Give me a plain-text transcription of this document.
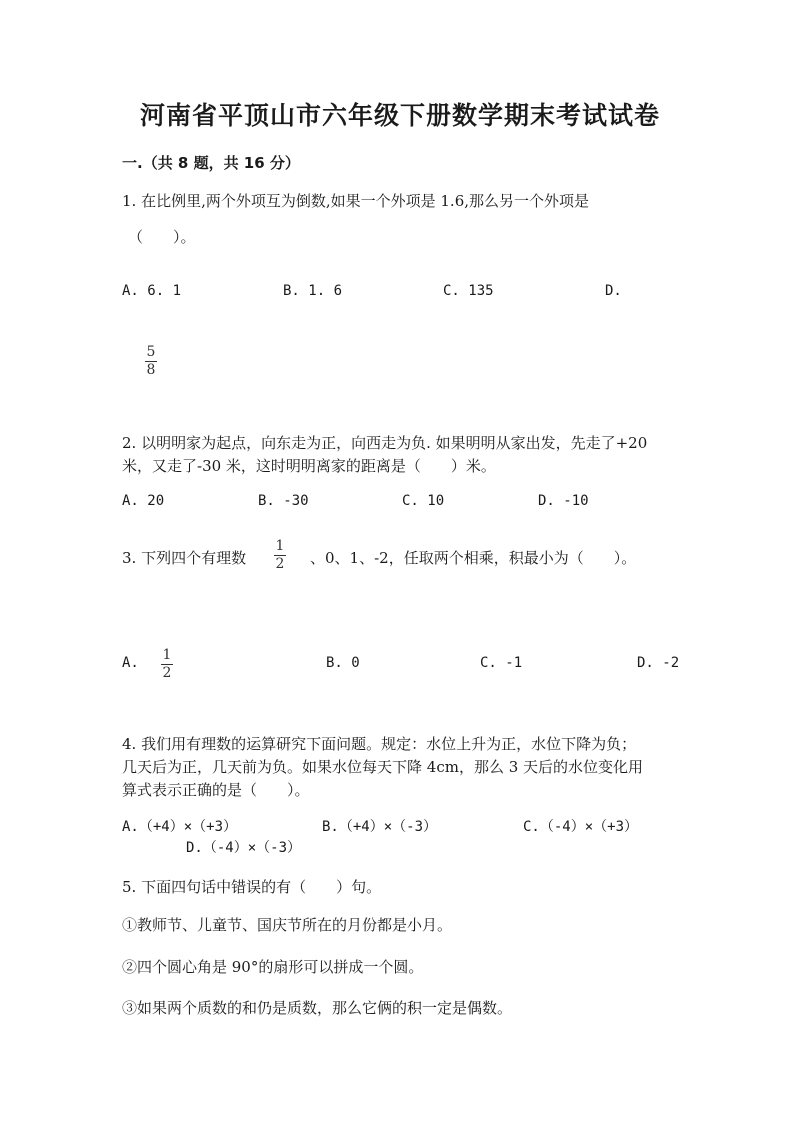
河南省平顶山市六年级下册数学期末考试试卷
一.（共 8 题，共 16 分）
1. 在比例里,两个外项互为倒数,如果一个外项是 1.6,那么另一个外项是
（　　）。
A. 6. 1	B. 1. 6	C. 135	D.
5
8
2. 以明明家为起点，向东走为正，向西走为负. 如果明明从家出发，先走了+20
米，又走了-30 米，这时明明离家的距离是（　　）米。
A. 20	B. -30	C. 10	D. -10
3. 下列四个有理数
1
2 、0、1、-2，任取两个相乘，积最小为（　　）。
A. 1
2
B. 0	C. -1	D. -2
4. 我们用有理数的运算研究下面问题。规定：水位上升为正，水位下降为负；
几天后为正，几天前为负。如果水位每天下降 4cm，那么 3 天后的水位变化用
算式表示正确的是（　　）。
A.（+4）×（+3）	B.（+4）×（-3）	C.（-4）×（+3）
D.（-4）×（-3）
5. 下面四句话中错误的有（　　）句。
①教师节、儿童节、国庆节所在的月份都是小月。
②四个圆心角是 90°的扇形可以拼成一个圆。
③如果两个质数的和仍是质数，那么它俩的积一定是偶数。
